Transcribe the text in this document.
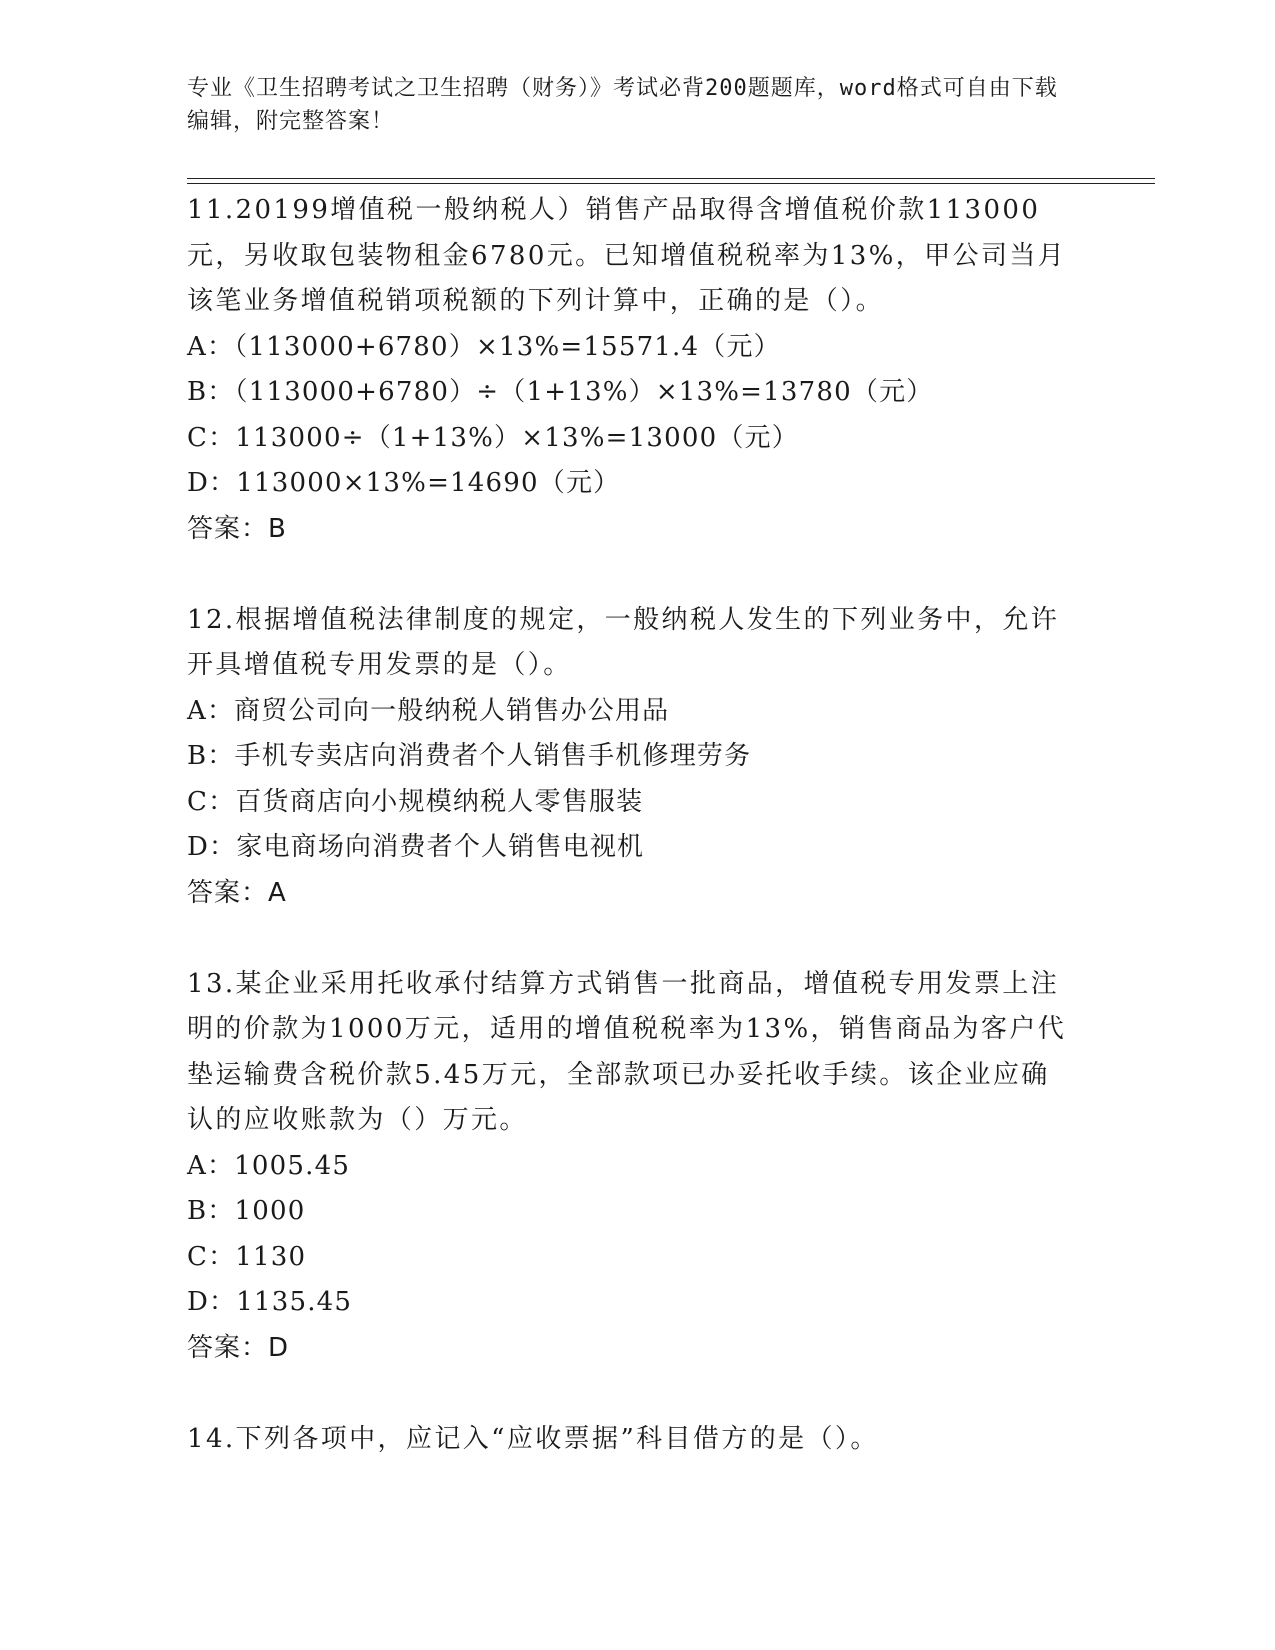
专业《卫生招聘考试之卫生招聘（财务）》考试必背200题题库，word格式可自由下载编辑，附完整答案！
11.20199增值税一般纳税人）销售产品取得含增值税价款113000元，另收取包装物租金6780元。已知增值税税率为13%，甲公司当月该笔业务增值税销项税额的下列计算中，正确的是（）。
A：（113000+6780）×13%=15571.4（元）
B：（113000+6780）÷（1+13%）×13%=13780（元）
C：113000÷（1+13%）×13%=13000（元）
D：113000×13%=14690（元）
答案：B
12.根据增值税法律制度的规定，一般纳税人发生的下列业务中，允许开具增值税专用发票的是（）。
A：商贸公司向一般纳税人销售办公用品
B：手机专卖店向消费者个人销售手机修理劳务
C：百货商店向小规模纳税人零售服装
D：家电商场向消费者个人销售电视机
答案：A
13.某企业采用托收承付结算方式销售一批商品，增值税专用发票上注明的价款为1000万元，适用的增值税税率为13%，销售商品为客户代垫运输费含税价款5.45万元，全部款项已办妥托收手续。该企业应确认的应收账款为（）万元。
A：1005.45
B：1000
C：1130
D：1135.45
答案：D
14.下列各项中，应记入“应收票据”科目借方的是（）。
